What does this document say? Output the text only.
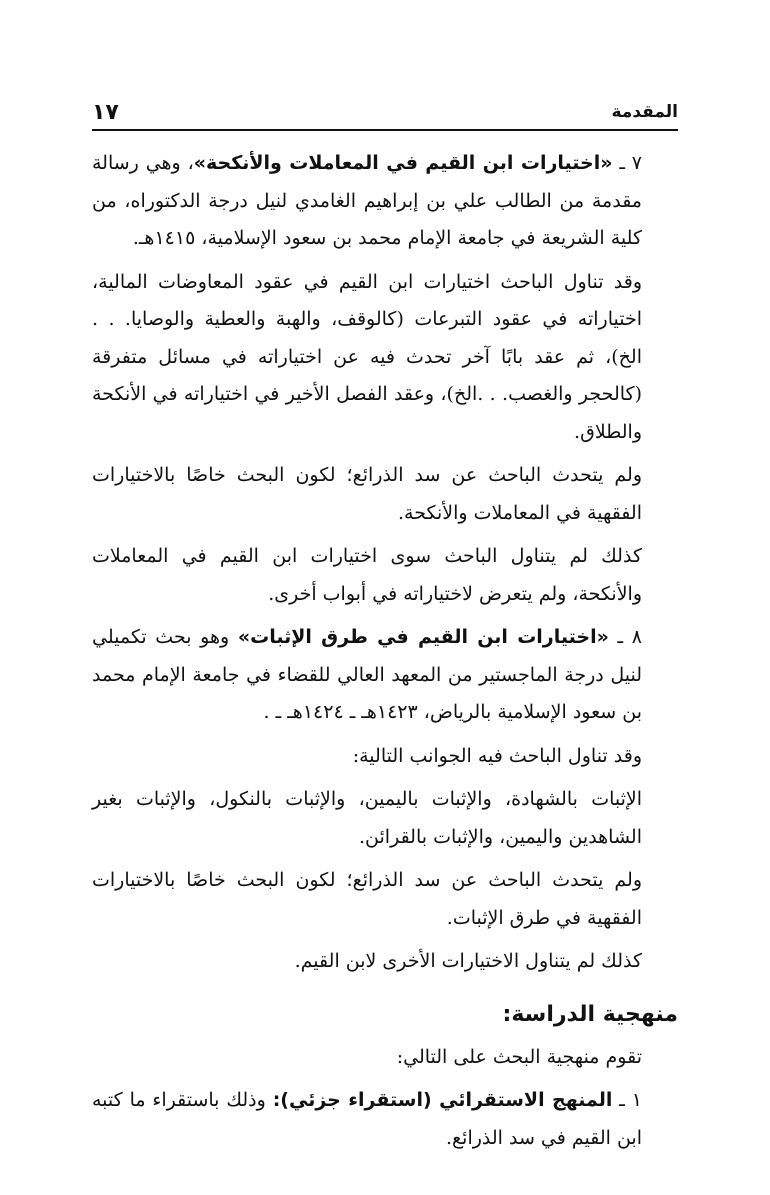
المقدمة
١٧

٧ ـ «اختيارات ابن القيم في المعاملات والأنكحة»، وهي رسالة مقدمة من الطالب علي بن إبراهيم الغامدي لنيل درجة الدكتوراه، من كلية الشريعة في جامعة الإمام محمد بن سعود الإسلامية، ١٤١٥هـ.

وقد تناول الباحث اختيارات ابن القيم في عقود المعاوضات المالية، اختياراته في عقود التبرعات (كالوقف، والهبة والعطية والوصايا. . . الخ)، ثم عقد بابًا آخر تحدث فيه عن اختياراته في مسائل متفرقة (كالحجر والغصب. . .الخ)، وعقد الفصل الأخير في اختياراته في الأنكحة والطلاق.

ولم يتحدث الباحث عن سد الذرائع؛ لكون البحث خاصًا بالاختيارات الفقهية في المعاملات والأنكحة.

كذلك لم يتناول الباحث سوى اختيارات ابن القيم في المعاملات والأنكحة، ولم يتعرض لاختياراته في أبواب أخرى.

٨ ـ «اختيارات ابن القيم في طرق الإثبات» وهو بحث تكميلي لنيل درجة الماجستير من المعهد العالي للقضاء في جامعة الإمام محمد بن سعود الإسلامية بالرياض، ١٤٢٣هـ ـ ١٤٢٤هـ ـ .

وقد تناول الباحث فيه الجوانب التالية:

الإثبات بالشهادة، والإثبات باليمين، والإثبات بالنكول، والإثبات بغير الشاهدين واليمين، والإثبات بالقرائن.

ولم يتحدث الباحث عن سد الذرائع؛ لكون البحث خاصًا بالاختيارات الفقهية في طرق الإثبات.

كذلك لم يتناول الاختيارات الأخرى لابن القيم.

منهجية الدراسة:

تقوم منهجية البحث على التالي:

١ ـ المنهج الاستقرائي (استقراء جزئي): وذلك باستقراء ما كتبه ابن القيم في سد الذرائع.
